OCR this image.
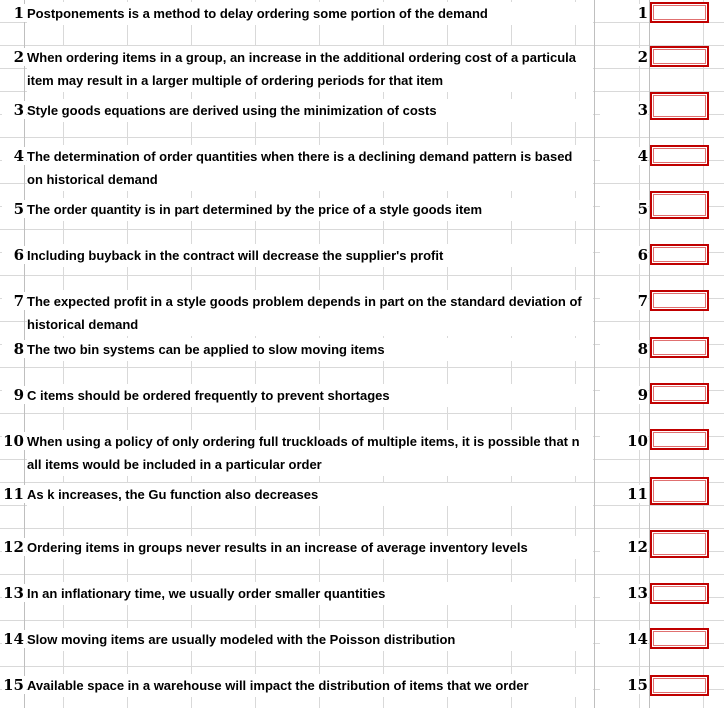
1 Postponements is a method to delay ordering some portion of the demand	1
2 When ordering items in a group, an increase in the additional ordering cost of a particula
item may result in a larger multiple of ordering periods for that item
2
3 Style goods equations are derived using the minimization of costs	3
4 The determination of order quantities when there is a declining demand pattern is based
on historical demand
4
5 The order quantity is in part determined by the price of a style goods item	5
6 Including buyback in the contract will decrease the supplier's profit	6
7 The expected profit in a style goods problem depends in part on the standard deviation of
historical demand
7
8 The two bin systems can be applied to slow moving items	8
9 C items should be ordered frequently to prevent shortages	9
10 When using a policy of only ordering full truckloads of multiple items, it is possible that n
all items would be included in a particular order
10
11 As k increases, the Gu function also decreases	11
12 Ordering items in groups never results in an increase of average inventory levels	12
13 In an inflationary time, we usually order smaller quantities	13
14 Slow moving items are usually modeled with the Poisson distribution	14
15 Available space in a warehouse will impact the distribution of items that we order	15
